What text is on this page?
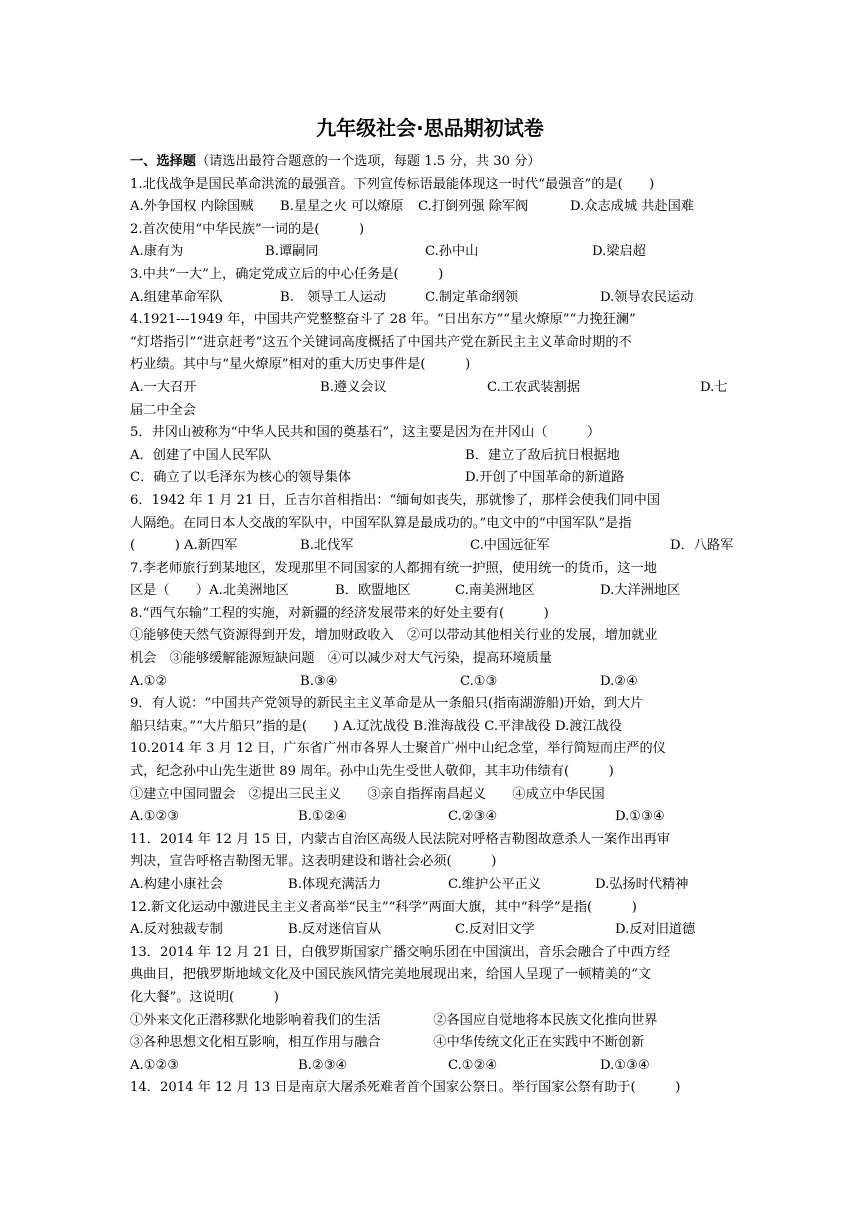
九年级社会·思品期初试卷
一、选择题（请选出最符合题意的一个选项，每题 1.5 分，共 30 分）
1.北伐战争是国民革命洪流的最强音。下列宣传标语最能体现这一时代“最强音”的是(　　)
A.外争国权 内除国贼 B.星星之火 可以燎原 C.打倒列强 除军阀	D.众志成城 共赴国难
2.首次使用“中华民族”一词的是(　　　)
A.康有为	B.谭嗣同	C.孙中山	D.梁启超
3.中共“一大”上，确定党成立后的中心任务是(　　　)
A.组建革命军队	B.　领导工人运动	C.制定革命纲领	D.领导农民运动
4.1921---1949 年，中国共产党整整奋斗了 28 年。“日出东方”“星火燎原”“力挽狂澜”
“灯塔指引”“进京赶考”这五个关键词高度概括了中国共产党在新民主主义革命时期的不
朽业绩。其中与“星火燎原”相对的重大历史事件是(　　　)
A.一大召开	B.遵义会议	C.工农武装割据	D.七
届二中全会
5．井冈山被称为“中华人民共和国的奠基石”，这主要是因为在井冈山（　　　）
A．创建了中国人民军队	B．建立了敌后抗日根据地
C．确立了以毛泽东为核心的领导集体	D.开创了中国革命的新道路
6．1942 年 1 月 21 日，丘吉尔首相指出：“缅甸如丧失，那就惨了，那样会使我们同中国
人隔绝。在同日本人交战的军队中，中国军队算是最成功的。”电文中的“中国军队”是指
(　　　) A.新四军	B.北伐军	C.中国远征军	D．八路军
7.李老师旅行到某地区，发现那里不同国家的人都拥有统一护照，使用统一的货币，这一地
区是（　　）A.北美洲地区	B．欧盟地区	C.南美洲地区	D.大洋洲地区
8.“西气东输”工程的实施，对新疆的经济发展带来的好处主要有(　　　)
①能够使天然气资源得到开发，增加财政收入　②可以带动其他相关行业的发展，增加就业
机会　③能够缓解能源短缺问题　④可以减少对大气污染，提高环境质量
A.①②	B.③④	C.①③	D.②④
9．有人说：“中国共产党领导的新民主主义革命是从一条船只(指南湖游船)开始，到大片
船只结束。”“大片船只”指的是(　　) A.辽沈战役 B.淮海战役 C.平津战役 D.渡江战役
10.2014 年 3 月 12 日，广东省广州市各界人士聚首广州中山纪念堂，举行简短而庄严的仪
式，纪念孙中山先生逝世 89 周年。孙中山先生受世人敬仰，其丰功伟绩有(　　　)
①建立中国同盟会　②提出三民主义　　③亲自指挥南昌起义　　④成立中华民国
A.①②③	B.①②④	C.②③④	D.①③④
11．2014 年 12 月 15 日，内蒙古自治区高级人民法院对呼格吉勒图故意杀人一案作出再审
判决，宣告呼格吉勒图无罪。这表明建设和谐社会必须(　　　)
A.构建小康社会	B.体现充满活力	C.维护公平正义	D.弘扬时代精神
12.新文化运动中激进民主主义者高举“民主”“科学”两面大旗，其中“科学”是指(　　　)
A.反对独裁专制	B.反对迷信盲从	C.反对旧文学	D.反对旧道德
13．2014 年 12 月 21 日，白俄罗斯国家广播交响乐团在中国演出，音乐会融合了中西方经
典曲目，把俄罗斯地域文化及中国民族风情完美地展现出来，给国人呈现了一顿精美的“文
化大餐”。这说明(　　　)
①外来文化正潜移默化地影响着我们的生活　　　　②各国应自觉地将本民族文化推向世界
③各种思想文化相互影响，相互作用与融合　　　　④中华传统文化正在实践中不断创新
A.①②③	B.②③④	C.①②④	D.①③④
14．2014 年 12 月 13 日是南京大屠杀死难者首个国家公祭日。举行国家公祭有助于(　　　)
